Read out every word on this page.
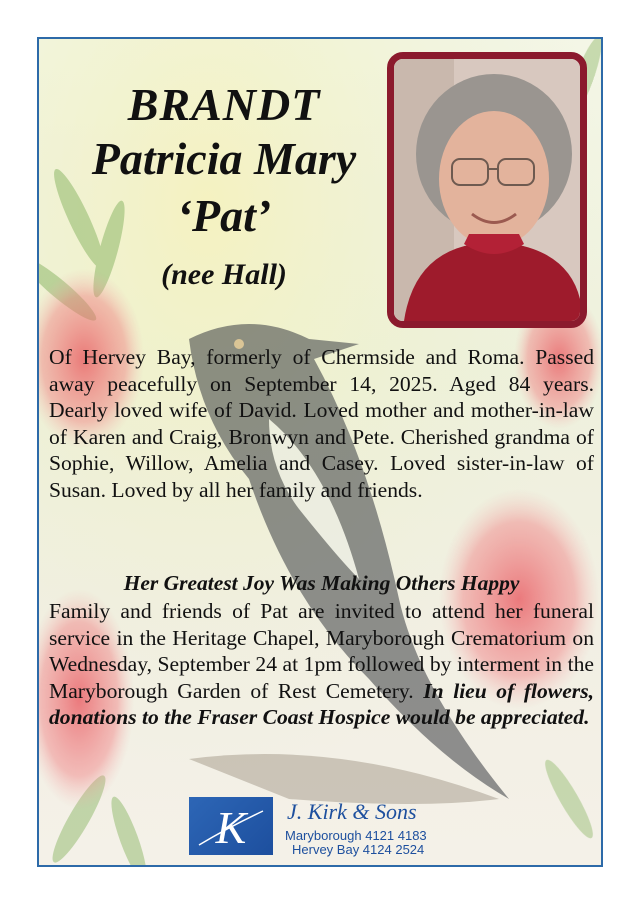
BRANDT
Patricia Mary
‘Pat’
(nee Hall)

Of Hervey Bay, formerly of Chermside and Roma. Passed away peacefully on September 14, 2025. Aged 84 years. Dearly loved wife of David. Loved mother and mother-in-law of Karen and Craig, Bronwyn and Pete. Cherished grandma of Sophie, Willow, Amelia and Casey. Loved sister-in-law of Susan. Loved by all her family and friends.

Her Greatest Joy Was Making Others Happy

Family and friends of Pat are invited to attend her funeral service in the Heritage Chapel, Maryborough Crematorium on Wednesday, September 24 at 1pm followed by interment in the Maryborough Garden of Rest Cemetery. In lieu of flowers, donations to the Fraser Coast Hospice would be appreciated.

K J. Kirk & Sons
Maryborough 4121 4183
Hervey Bay 4124 2524
